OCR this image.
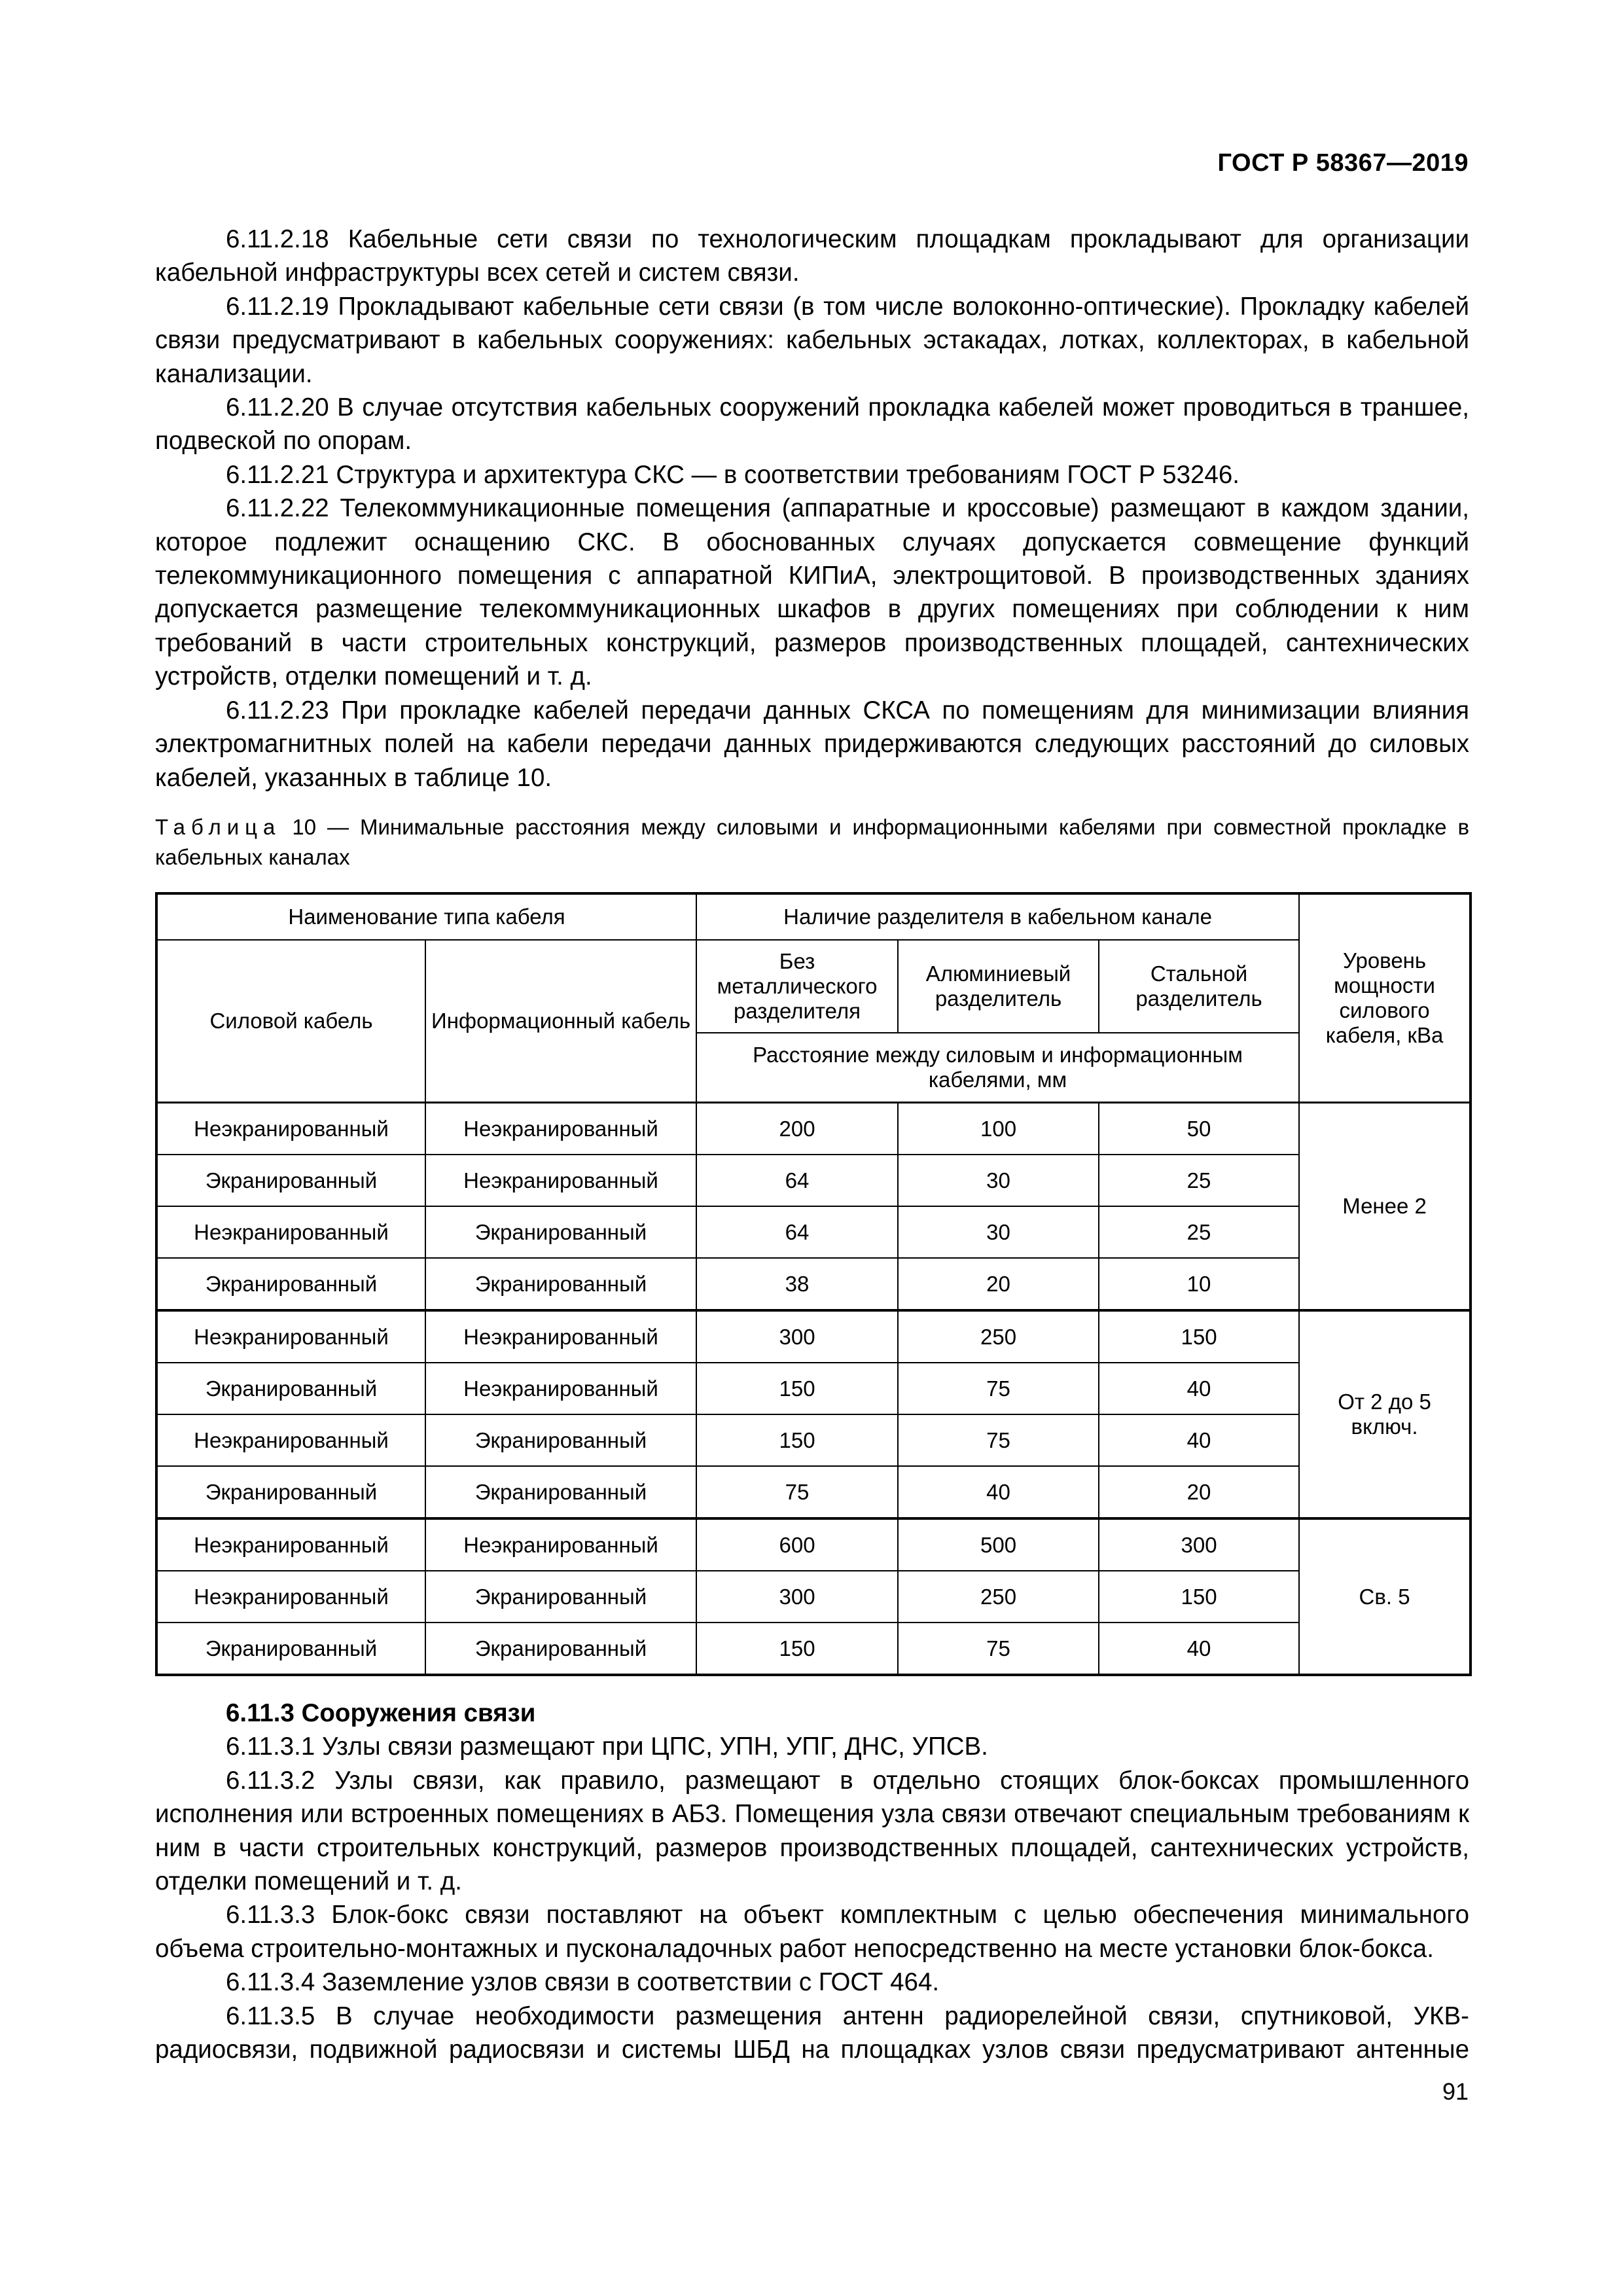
ГОСТ Р 58367—2019

6.11.2.18 Кабельные сети связи по технологическим площадкам прокладывают для организации кабельной инфраструктуры всех сетей и систем связи.

6.11.2.19 Прокладывают кабельные сети связи (в том числе волоконно-оптические). Прокладку кабелей связи предусматривают в кабельных сооружениях: кабельных эстакадах, лотках, коллекторах, в кабельной канализации.

6.11.2.20 В случае отсутствия кабельных сооружений прокладка кабелей может проводиться в траншее, подвеской по опорам.

6.11.2.21 Структура и архитектура СКС — в соответствии требованиям ГОСТ Р 53246.

6.11.2.22 Телекоммуникационные помещения (аппаратные и кроссовые) размещают в каждом здании, которое подлежит оснащению СКС. В обоснованных случаях допускается совмещение функций телекоммуникационного помещения с аппаратной КИПиА, электрощитовой. В производственных зданиях допускается размещение телекоммуникационных шкафов в других помещениях при соблюдении к ним требований в части строительных конструкций, размеров производственных площадей, сантехнических устройств, отделки помещений и т. д.

6.11.2.23 При прокладке кабелей передачи данных СКСА по помещениям для минимизации влияния электромагнитных полей на кабели передачи данных придерживаются следующих расстояний до силовых кабелей, указанных в таблице 10.

Таблица 10 — Минимальные расстояния между силовыми и информационными кабелями при совместной прокладке в кабельных каналах
Наименование типа кабеля		Наличие разделителя в кабельном канале			Уровень мощности силового кабеля, кВа
Силовой кабель	Информационный кабель	Без металлического разделителя	Алюминиевый разделитель	Стальной разделитель	
		Расстояние между силовым и информационным кабелями, мм			
Неэкранированный	Неэкранированный	200	100	50	Менее 2
Экранированный	Неэкранированный	64	30	25	
Неэкранированный	Экранированный	64	30	25	
Экранированный	Экранированный	38	20	10	
Неэкранированный	Неэкранированный	300	250	150	От 2 до 5 включ.
Экранированный	Неэкранированный	150	75	40	
Неэкранированный	Экранированный	150	75	40	
Экранированный	Экранированный	75	40	20	
Неэкранированный	Неэкранированный	600	500	300	Св. 5
Неэкранированный	Экранированный	300	250	150	
Экранированный	Экранированный	150	75	40	

6.11.3 Сооружения связи

6.11.3.1 Узлы связи размещают при ЦПС, УПН, УПГ, ДНС, УПСВ.

6.11.3.2 Узлы связи, как правило, размещают в отдельно стоящих блок-боксах промышленного исполнения или встроенных помещениях в АБЗ. Помещения узла связи отвечают специальным требованиям к ним в части строительных конструкций, размеров производственных площадей, сантехнических устройств, отделки помещений и т. д.

6.11.3.3 Блок-бокс связи поставляют на объект комплектным с целью обеспечения минимального объема строительно-монтажных и пусконаладочных работ непосредственно на месте установки блок-бокса.

6.11.3.4 Заземление узлов связи в соответствии с ГОСТ 464.

6.11.3.5 В случае необходимости размещения антенн радиорелейной связи, спутниковой, УКВ-радиосвязи, подвижной радиосвязи и системы ШБД на площадках узлов связи предусматривают антенные

91
